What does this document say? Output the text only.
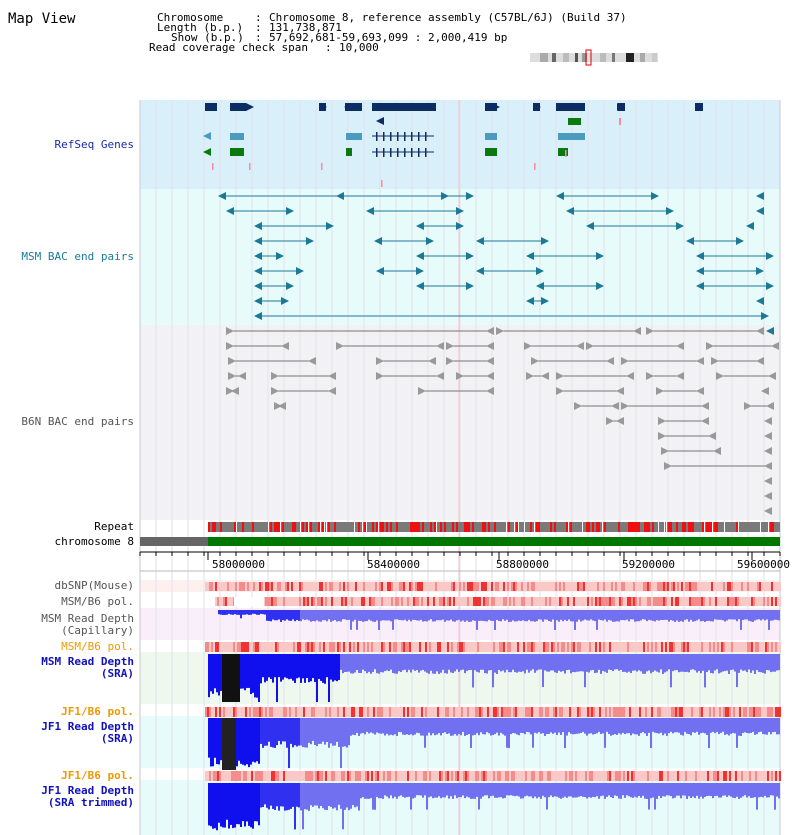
Map View	Chromosome	: Chromosome 8, reference assembly (C57BL/6J) (Build 37)
Length (b.p.) : 131,738,871
Show (b.p.) : 57,692,681-59,693,099 : 2,000,419 bp
Read coverage check span : 10,000
RefSeq Genes
MSM BAC end pairs
B6N BAC end pairs
Repeat
chromosome 8
dbSNP(Mouse)
MSM/B6 pol.
MSM Read Depth
(Capillary)
MSM/B6 pol.
MSM Read Depth
(SRA)
JF1/B6 pol.
JF1 Read Depth
(SRA)
JF1/B6 pol.
JF1 Read Depth
(SRA trimmed)
58000000	58400000	58800000	59200000	59600000
